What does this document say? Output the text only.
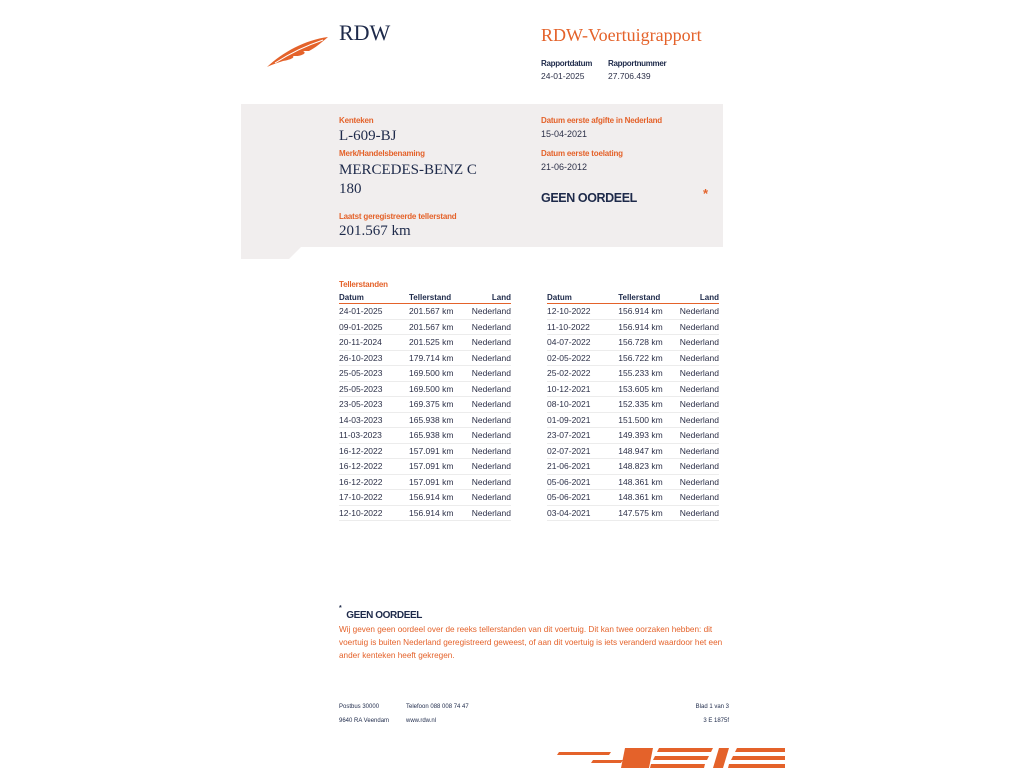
RDW	RDW-Voertuigrapport
Rapportdatum
24-01-2025
Rapportnummer
27.706.439
Kenteken
L-609-BJ
Merk/Handelsbenaming
MERCEDES-BENZ C
180
Laatst geregistreerde tellerstand
201.567 km
Datum eerste afgifte in Nederland
15-04-2021
Datum eerste toelating
21-06-2012
GEEN OORDEEL	*
Tellerstanden
Datum	Tellerstand	Land
24-01-2025	201.567 km	Nederland
09-01-2025	201.567 km	Nederland
20-11-2024	201.525 km	Nederland
26-10-2023	179.714 km	Nederland
25-05-2023	169.500 km	Nederland
25-05-2023	169.500 km	Nederland
23-05-2023	169.375 km	Nederland
14-03-2023	165.938 km	Nederland
11-03-2023	165.938 km	Nederland
16-12-2022	157.091 km	Nederland
16-12-2022	157.091 km	Nederland
16-12-2022	157.091 km	Nederland
17-10-2022	156.914 km	Nederland
12-10-2022	156.914 km	Nederland
Datum	Tellerstand	Land
12-10-2022	156.914 km	Nederland
11-10-2022	156.914 km	Nederland
04-07-2022	156.728 km	Nederland
02-05-2022	156.722 km	Nederland
25-02-2022	155.233 km	Nederland
10-12-2021	153.605 km	Nederland
08-10-2021	152.335 km	Nederland
01-09-2021	151.500 km	Nederland
23-07-2021	149.393 km	Nederland
02-07-2021	148.947 km	Nederland
21-06-2021	148.823 km	Nederland
05-06-2021	148.361 km	Nederland
05-06-2021	148.361 km	Nederland
03-04-2021	147.575 km	Nederland
* GEEN OORDEEL
Wij geven geen oordeel over de reeks tellerstanden van dit voertuig. Dit kan twee oorzaken hebben: dit
voertuig is buiten Nederland geregistreerd geweest, of aan dit voertuig is iets veranderd waardoor het een
ander kenteken heeft gekregen.
Postbus 30000
9640 RA Veendam
Telefoon 088 008 74 47
www.rdw.nl
Blad 1 van 3
3 E 1875f
